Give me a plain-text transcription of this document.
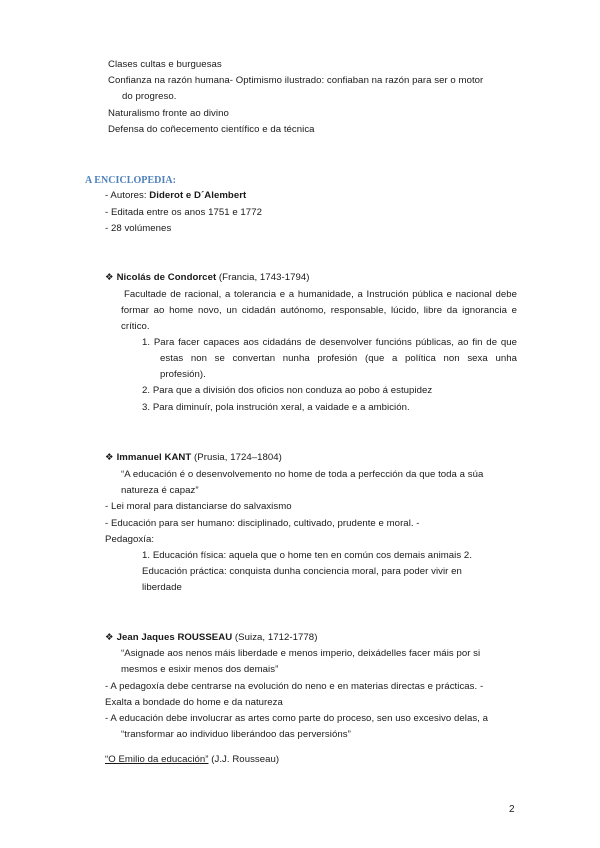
Clases cultas e burguesas
Confianza na razón humana- Optimismo ilustrado: confiaban na razón para ser o motor
do progreso.
Naturalismo fronte ao divino
Defensa do coñecemento científico e da técnica
A ENCICLOPEDIA:
- Autores: Diderot e D´Alembert
- Editada entre os anos 1751 e 1772
- 28 volúmenes
❖ Nicolás de Condorcet (Francia, 1743-1794)
Facultade de racional, a tolerancia e a humanidade, a Instrución pública e nacional debe
formar ao home novo, un cidadán autónomo, responsable, lúcido, libre da ignorancia e
crítico.
1. Para facer capaces aos cidadáns de desenvolver funcións públicas, ao fin de que
estas non se convertan nunha profesión (que a política non sexa unha
profesión).
2. Para que a división dos oficios non conduza ao pobo á estupidez
3. Para diminuír, pola instrución xeral, a vaidade e a ambición.
❖ Immanuel KANT (Prusia, 1724–1804)
“A educación é o desenvolvemento no home de toda a perfección da que toda a súa
natureza é capaz”
- Lei moral para distanciarse do salvaxismo
- Educación para ser humano: disciplinado, cultivado, prudente e moral. -
Pedagoxía:
1. Educación física: aquela que o home ten en común cos demais animais 2.
Educación práctica: conquista dunha conciencia moral, para poder vivir en
liberdade
❖ Jean Jaques ROUSSEAU (Suiza, 1712-1778)
“Asignade aos nenos máis liberdade e menos imperio, deixádelles facer máis por si
mesmos e esixir menos dos demais”
- A pedagoxía debe centrarse na evolución do neno e en materias directas e prácticas. -
Exalta a bondade do home e da natureza
- A educación debe involucrar as artes como parte do proceso, sen uso excesivo delas, a
“transformar ao individuo liberándoo das perversións”
“O Emilio da educación” (J.J. Rousseau)
2
